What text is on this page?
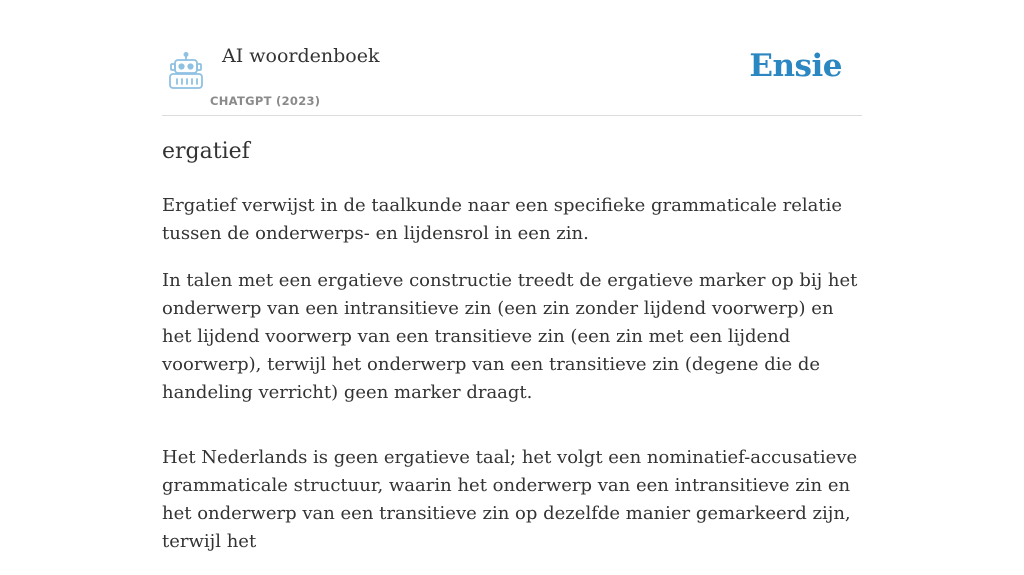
AI woordenboek
CHATGPT (2023)
Ensie
ergatief

Ergatief verwijst in de taalkunde naar een specifieke grammaticale relatie tussen de onderwerps- en lijdensrol in een zin.

In talen met een ergatieve constructie treedt de ergatieve marker op bij het onderwerp van een intransitieve zin (een zin zonder lijdend voorwerp) en het lijdend voorwerp van een transitieve zin (een zin met een lijdend voorwerp), terwijl het onderwerp van een transitieve zin (degene die de handeling verricht) geen marker draagt.

Het Nederlands is geen ergatieve taal; het volgt een nominatief-accusatieve grammaticale structuur, waarin het onderwerp van een intransitieve zin en het onderwerp van een transitieve zin op dezelfde manier gemarkeerd zijn, terwijl het
